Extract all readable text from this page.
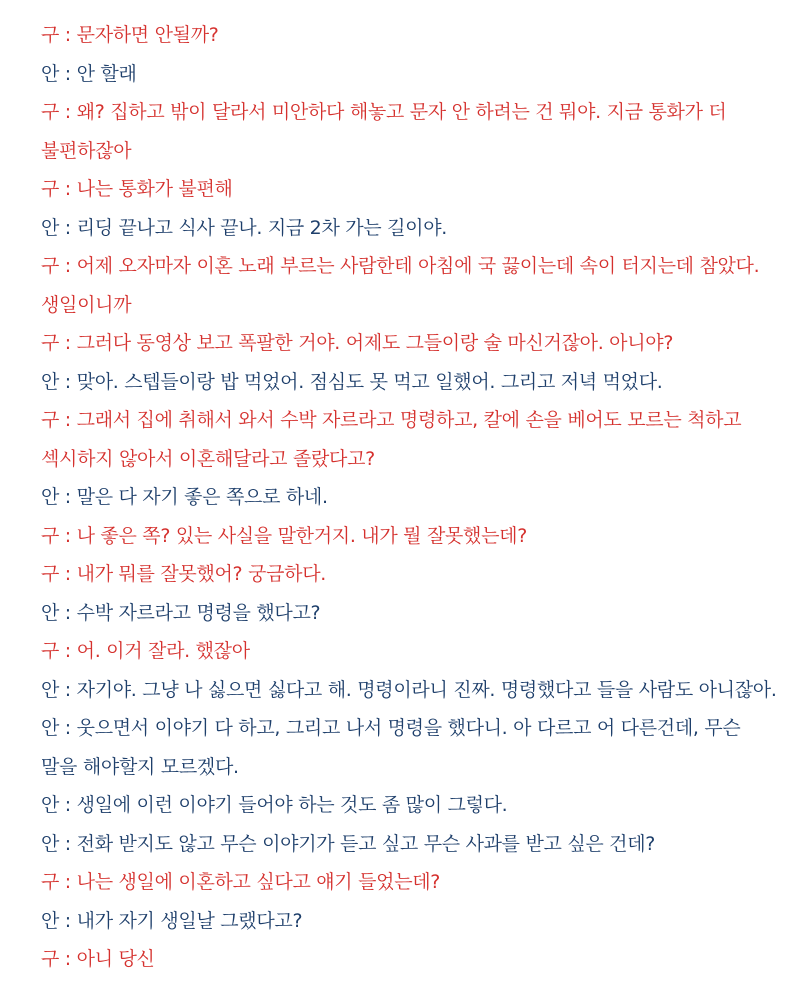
구 : 문자하면 안될까?
안 : 안 할래
구 : 왜? 집하고 밖이 달라서 미안하다 해놓고 문자 안 하려는 건 뭐야. 지금 통화가 더 불편하잖아
구 : 나는 통화가 불편해
안 : 리딩 끝나고 식사 끝나. 지금 2차 가는 길이야.
구 : 어제 오자마자 이혼 노래 부르는 사람한테 아침에 국 끓이는데 속이 터지는데 참았다. 생일이니까
구 : 그러다 동영상 보고 폭팔한 거야. 어제도 그들이랑 술 마신거잖아. 아니야?
안 : 맞아. 스텝들이랑 밥 먹었어. 점심도 못 먹고 일했어. 그리고 저녁 먹었다.
구 : 그래서 집에 취해서 와서 수박 자르라고 명령하고, 칼에 손을 베어도 모르는 척하고 섹시하지 않아서 이혼해달라고 졸랐다고?
안 : 말은 다 자기 좋은 쪽으로 하네.
구 : 나 좋은 쪽? 있는 사실을 말한거지. 내가 뭘 잘못했는데?
구 : 내가 뭐를 잘못했어? 궁금하다.
안 : 수박 자르라고 명령을 했다고?
구 : 어. 이거 잘라. 했잖아
안 : 자기야. 그냥 나 싫으면 싫다고 해. 명령이라니 진짜. 명령했다고 들을 사람도 아니잖아.
안 : 웃으면서 이야기 다 하고, 그리고 나서 명령을 했다니. 아 다르고 어 다른건데, 무슨 말을 해야할지 모르겠다.
안 : 생일에 이런 이야기 들어야 하는 것도 좀 많이 그렇다.
안 : 전화 받지도 않고 무슨 이야기가 듣고 싶고 무슨 사과를 받고 싶은 건데?
구 : 나는 생일에 이혼하고 싶다고 얘기 들었는데?
안 : 내가 자기 생일날 그랬다고?
구 : 아니 당신
